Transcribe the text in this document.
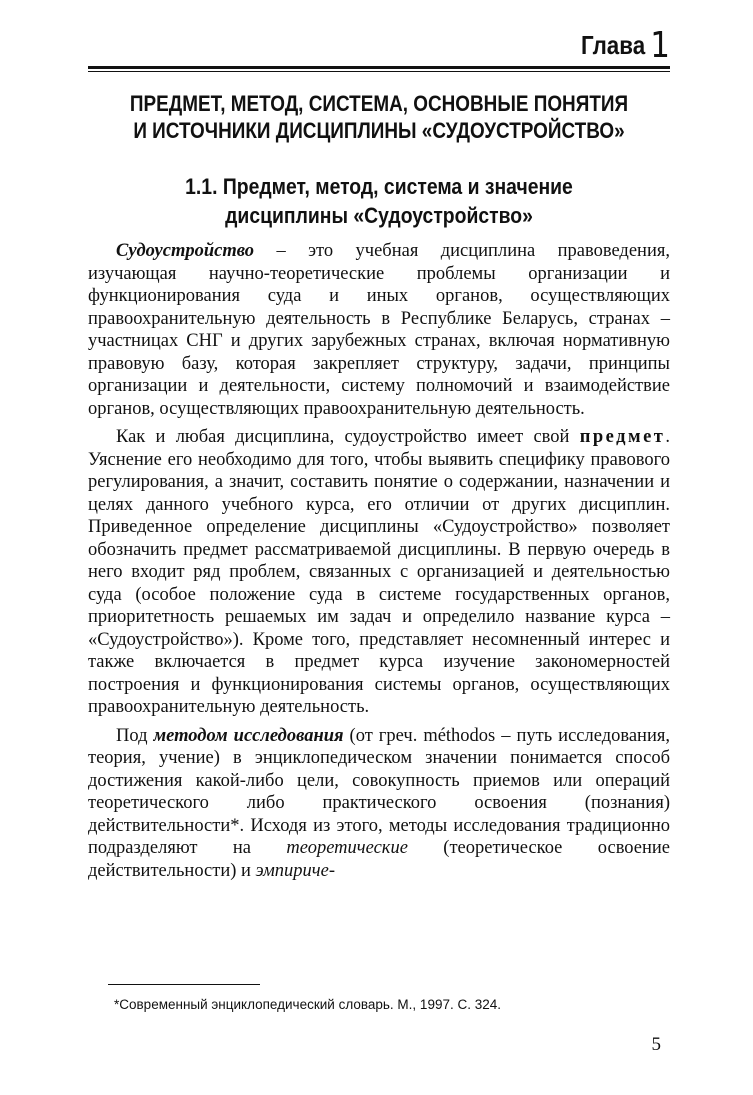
Глава 1
ПРЕДМЕТ, МЕТОД, СИСТЕМА, ОСНОВНЫЕ ПОНЯТИЯ
И ИСТОЧНИКИ ДИСЦИПЛИНЫ «СУДОУСТРОЙСТВО»
1.1. Предмет, метод, система и значение
дисциплины «Судоустройство»

Судоустройство – это учебная дисциплина правоведения, изучающая научно-теоретические проблемы организации и функционирования суда и иных органов, осуществляющих правоохранительную деятельность в Республике Беларусь, странах – участницах СНГ и других зарубежных странах, включая нормативную правовую базу, которая закрепляет структуру, задачи, принципы организации и деятельности, систему полномочий и взаимодействие органов, осуществляющих правоохранительную деятельность.

Как и любая дисциплина, судоустройство имеет свой предмет. Уяснение его необходимо для того, чтобы выявить специфику правового регулирования, а значит, составить понятие о содержании, назначении и целях данного учебного курса, его отличии от других дисциплин. Приведенное определение дисциплины «Судоустройство» позволяет обозначить предмет рассматриваемой дисциплины. В первую очередь в него входит ряд проблем, связанных с организацией и деятельностью суда (особое положение суда в системе государственных органов, приоритетность решаемых им задач и определило название курса – «Судоустройство»). Кроме того, представляет несомненный интерес и также включается в предмет курса изучение закономерностей построения и функционирования системы органов, осуществляющих правоохранительную деятельность.

Под методом исследования (от греч. méthodos – путь исследования, теория, учение) в энциклопедическом значении понимается способ достижения какой-либо цели, совокупность приемов или операций теоретического либо практического освоения (познания) действительности*. Исходя из этого, методы исследования традиционно подразделяют на теоретические (теоретическое освоение действительности) и эмпириче-

*Современный энциклопедический словарь. М., 1997. С. 324.
5
